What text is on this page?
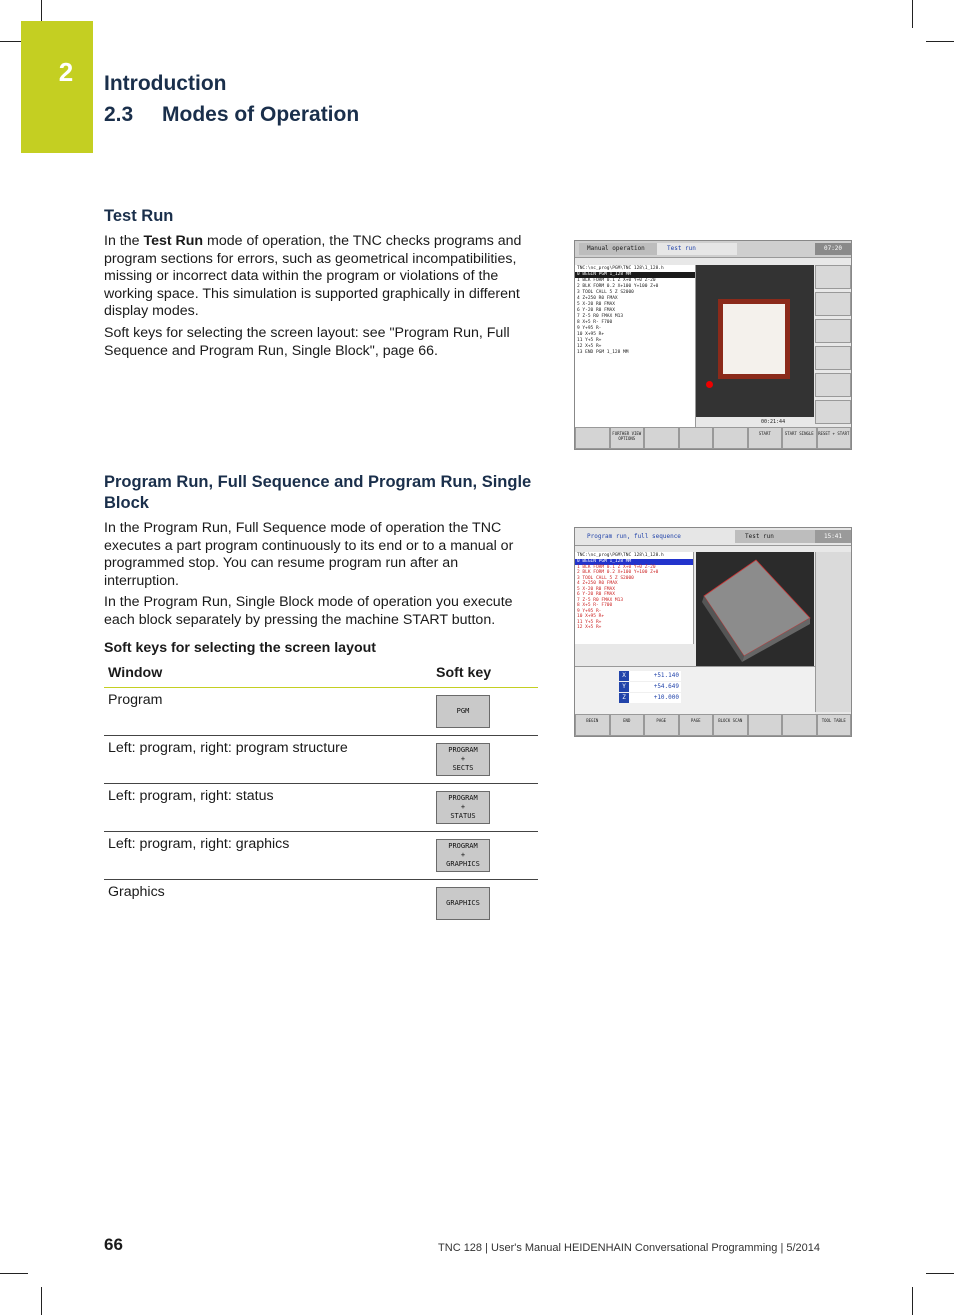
2	Introduction
2.3 Modes of Operation
Test Run

In the Test Run mode of operation, the TNC checks programs and program sections for errors, such as geometrical incompatibilities, missing or incorrect data within the program or violations of the working space. This simulation is supported graphically in different display modes.

Soft keys for selecting the screen layout: see "Program Run, Full Sequence and Program Run, Single Block", page 66.

Manual operation	Test run	07:20
TNC:\nc_prog\PGM\TNC 128\1_128.h
0 BEGIN PGM 1_128 MM
1 BLK FORM 0.1 Z X+0 Y+0 Z-20
2 BLK FORM 0.2 X+100 Y+100 Z+0
3 TOOL CALL 5 Z S2000
4 Z+250 R0 FMAX
5 X-20 R0 FMAX
6 Y-20 R0 FMAX
7 Z-5 R0 FMAX M13
8 X+5 R- F700
9 Y+95 R-
10 X+95 R+
11 Y+5 R+
12 X+5 R+
13 END PGM 1_128 MM
00:21:44
FURTHER VIEW OPTIONS
START	START SINGLE	RESET + START
Program Run, Full Sequence and Program Run, Single Block

In the Program Run, Full Sequence mode of operation the TNC executes a part program continuously to its end or to a manual or programmed stop. You can resume program run after an interruption.

In the Program Run, Single Block mode of operation you execute each block separately by pressing the machine START button.

Program run, full sequence	Test run	15:41
TNC:\nc_prog\PGM\TNC 128\1_128.h
0 BEGIN PGM 1_128 MM
1 BLK FORM 0.1 Z X+0 Y+0 Z-20
2 BLK FORM 0.2 X+100 Y+100 Z+0
3 TOOL CALL 5 Z S2000
4 Z+250 R0 FMAX
5 X-20 R0 FMAX
6 Y-20 R0 FMAX
7 Z-5 R0 FMAX M13
8 X+5 R- F700
9 Y+95 R-
10 X+95 R+
11 Y+5 R+
12 X+5 R+
X	+51.140
Y	+54.649
Z	+10.000
BEGIN	END	PAGE	PAGE	BLOCK SCAN	TOOL TABLE

Soft keys for selecting the screen layout

Window	Soft key
Program	PGM

Left: program, right: program structure	PROGRAM
+
SECTS

Left: program, right: status	PROGRAM
+
STATUS

Left: program, right: graphics	PROGRAM
+
GRAPHICS

Graphics	GRAPHICS
66	TNC 128 | User's Manual HEIDENHAIN Conversational Programming | 5/2014
